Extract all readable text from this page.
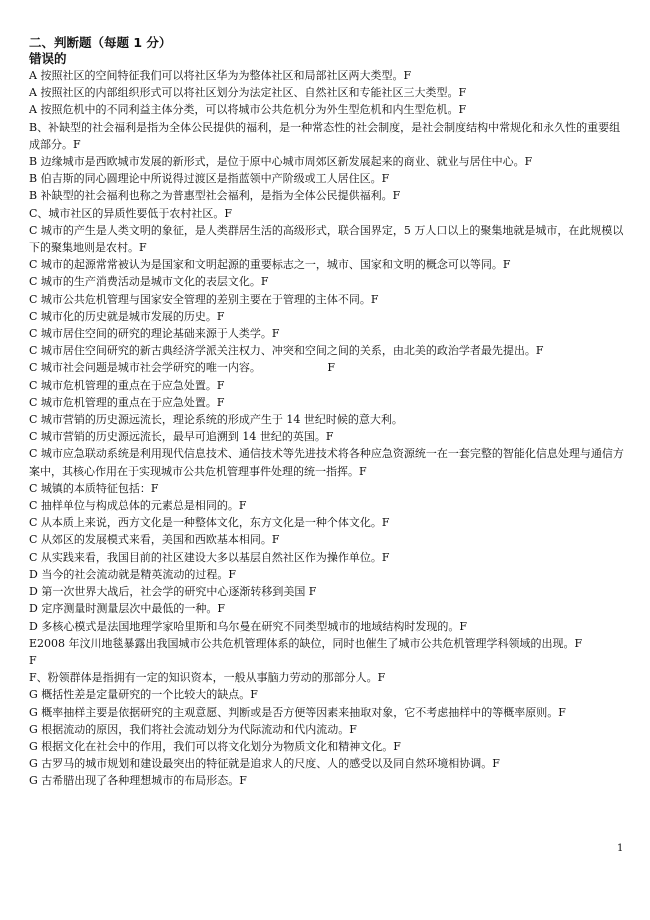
二、判断题（每题 1 分）
错误的
A 按照社区的空间特征我们可以将社区华为为整体社区和局部社区两大类型。F
A 按照社区的内部组织形式可以将社区划分为法定社区、自然社区和专能社区三大类型。F
A 按照危机中的不同利益主体分类，可以将城市公共危机分为外生型危机和内生型危机。F
B、补缺型的社会福利是指为全体公民提供的福利，是一种常态性的社会制度，是社会制度结构中常规化和永久性的重要组成部分。F
B 边缘城市是西欧城市发展的新形式，是位于原中心城市周郊区新发展起来的商业、就业与居住中心。F
B 伯吉斯的同心圆理论中所说得过渡区是指蓝领中产阶级或工人居住区。F
B 补缺型的社会福利也称之为普惠型社会福利，是指为全体公民提供福利。F
C、城市社区的异质性要低于农村社区。F
C 城市的产生是人类文明的象征，是人类群居生活的高级形式，联合国界定，5 万人口以上的聚集地就是城市，在此规模以下的聚集地则是农村。F
C 城市的起源常常被认为是国家和文明起源的重要标志之一，城市、国家和文明的概念可以等同。F
C 城市的生产消费活动是城市文化的表层文化。F
C 城市公共危机管理与国家安全管理的差别主要在于管理的主体不同。F
C 城市化的历史就是城市发展的历史。F
C 城市居住空间的研究的理论基础来源于人类学。F
C 城市居住空间研究的新古典经济学派关注权力、冲突和空间之间的关系，由北美的政治学者最先提出。F
C 城市社会问题是城市社会学研究的唯一内容。                   F
C 城市危机管理的重点在于应急处置。F
C 城市危机管理的重点在于应急处置。F
C 城市营销的历史源远流长，理论系统的形成产生于 14 世纪时候的意大利。
C 城市营销的历史源远流长，最早可追溯到 14 世纪的英国。F
C 城市应急联动系统是利用现代信息技术、通信技术等先进技术将各种应急资源统一在一套完整的智能化信息处理与通信方案中，其核心作用在于实现城市公共危机管理事件处理的统一指挥。F
C 城镇的本质特征包括：F
C 抽样单位与构成总体的元素总是相同的。F
C 从本质上来说，西方文化是一种整体文化，东方文化是一种个体文化。F
C 从郊区的发展模式来看，美国和西欧基本相同。F
C 从实践来看，我国目前的社区建设大多以基层自然社区作为操作单位。F
D 当今的社会流动就是精英流动的过程。F
D 第一次世界大战后，社会学的研究中心逐渐转移到美国 F
D 定序测量时测量层次中最低的一种。F
D 多核心模式是法国地理学家哈里斯和乌尔曼在研究不同类型城市的地域结构时发现的。F
E2008 年汶川地毯暴露出我国城市公共危机管理体系的缺位，同时也催生了城市公共危机管理学科领域的出现。F
F
F、粉领群体是指拥有一定的知识资本，一般从事脑力劳动的那部分人。F
G 概括性差是定量研究的一个比较大的缺点。F
G 概率抽样主要是依据研究的主观意愿、判断或是否方便等因素来抽取对象，它不考虑抽样中的等概率原则。F
G 根据流动的原因，我们将社会流动划分为代际流动和代内流动。F
G 根据文化在社会中的作用，我们可以将文化划分为物质文化和精神文化。F
G 古罗马的城市规划和建设最突出的特征就是追求人的尺度、人的感受以及同自然环境相协调。F
G 古希腊出现了各种理想城市的布局形态。F
1
